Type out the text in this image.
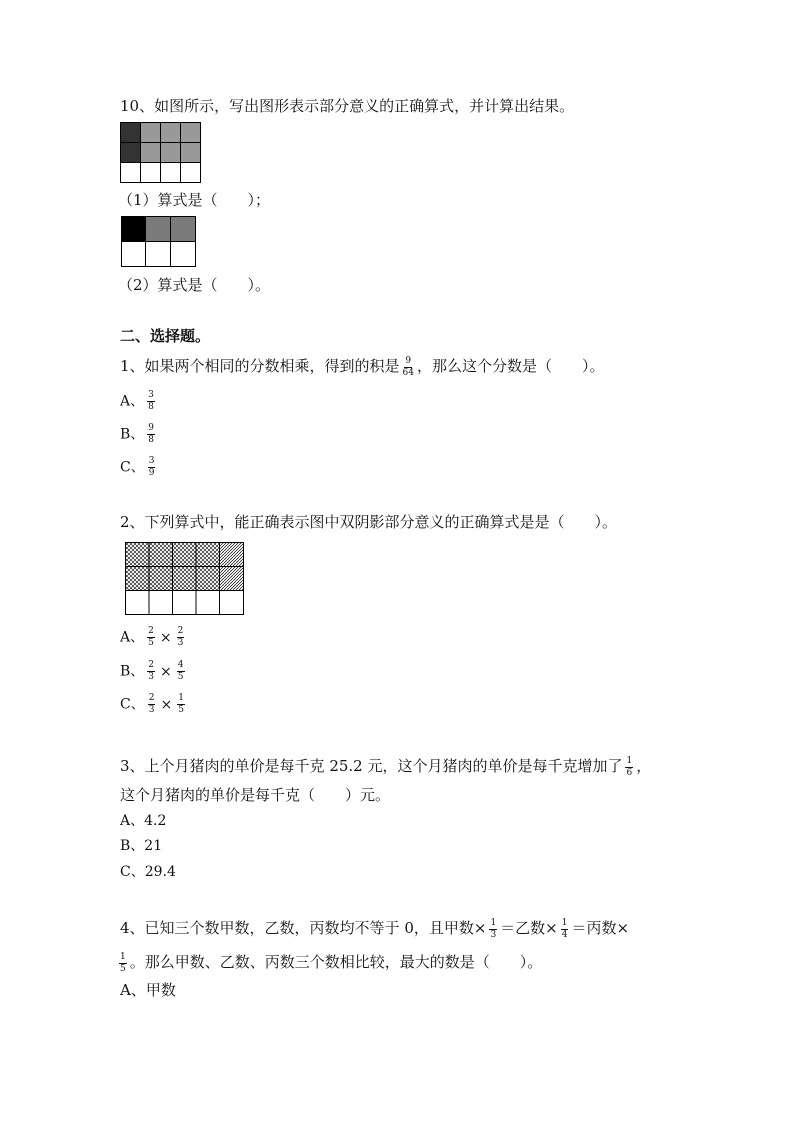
10、如图所示，写出图形表示部分意义的正确算式，并计算出结果。
（1）算式是（　　）；
（2）算式是（　　）。
二、选择题。
1、如果两个相同的分数相乘，得到的积是 $\frac{9}{64}$ ，那么这个分数是（　　）。
A、 $\frac{3}{8}$
B、 $\frac{9}{8}$
C、 $\frac{3}{9}$
2、下列算式中，能正确表示图中双阴影部分意义的正确算式是是（　　）。
A、 $\frac{2}{5} \times \frac{2}{3}$
B、 $\frac{2}{3} \times \frac{4}{5}$
C、 $\frac{2}{3} \times \frac{1}{5}$
3、上个月猪肉的单价是每千克 25.2 元，这个月猪肉的单价是每千克增加了 $\frac{1}{6}$ ，
这个月猪肉的单价是每千克（　　）元。
A、4.2
B、21
C、29.4
4、已知三个数甲数，乙数，丙数均不等于 0，且甲数× $\frac{1}{3}$ ＝乙数× $\frac{1}{4}$ ＝丙数×
$\frac{1}{5}$ 。那么甲数、乙数、丙数三个数相比较，最大的数是（　　）。
A、甲数
